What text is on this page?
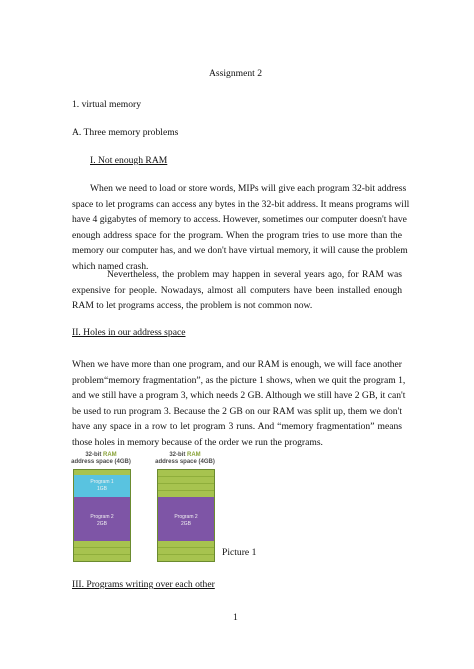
Assignment 2
1. virtual memory
A. Three memory problems
I. Not enough RAM
When we need to load or store words, MIPs will give each program 32-bit address
space to let programs can access any bytes in the 32-bit address. It means programs will
have 4 gigabytes of memory to access. However, sometimes our computer doesn't have
enough address space for the program. When the program tries to use more than the
memory our computer has, and we don't have virtual memory, it will cause the problem
which named crash.
Nevertheless, the problem may happen in several years ago, for RAM was
expensive for people. Nowadays, almost all computers have been installed enough
RAM to let programs access, the problem is not common now.
II. Holes in our address space
When we have more than one program, and our RAM is enough, we will face another
problem“memory fragmentation”, as the picture 1 shows, when we quit the program 1,
and we still have a program 3, which needs 2 GB. Although we still have 2 GB, it can't
be used to run program 3. Because the 2 GB on our RAM was split up, them we don't
have any space in a row to let program 3 runs. And “memory fragmentation” means
those holes in memory because of the order we run the programs.
32-bit RAM
address space (4GB)
Program 1
1GB
Program 2
2GB
32-bit RAM
address space (4GB)
Program 2
2GB
Picture 1
III. Programs writing over each other
1
